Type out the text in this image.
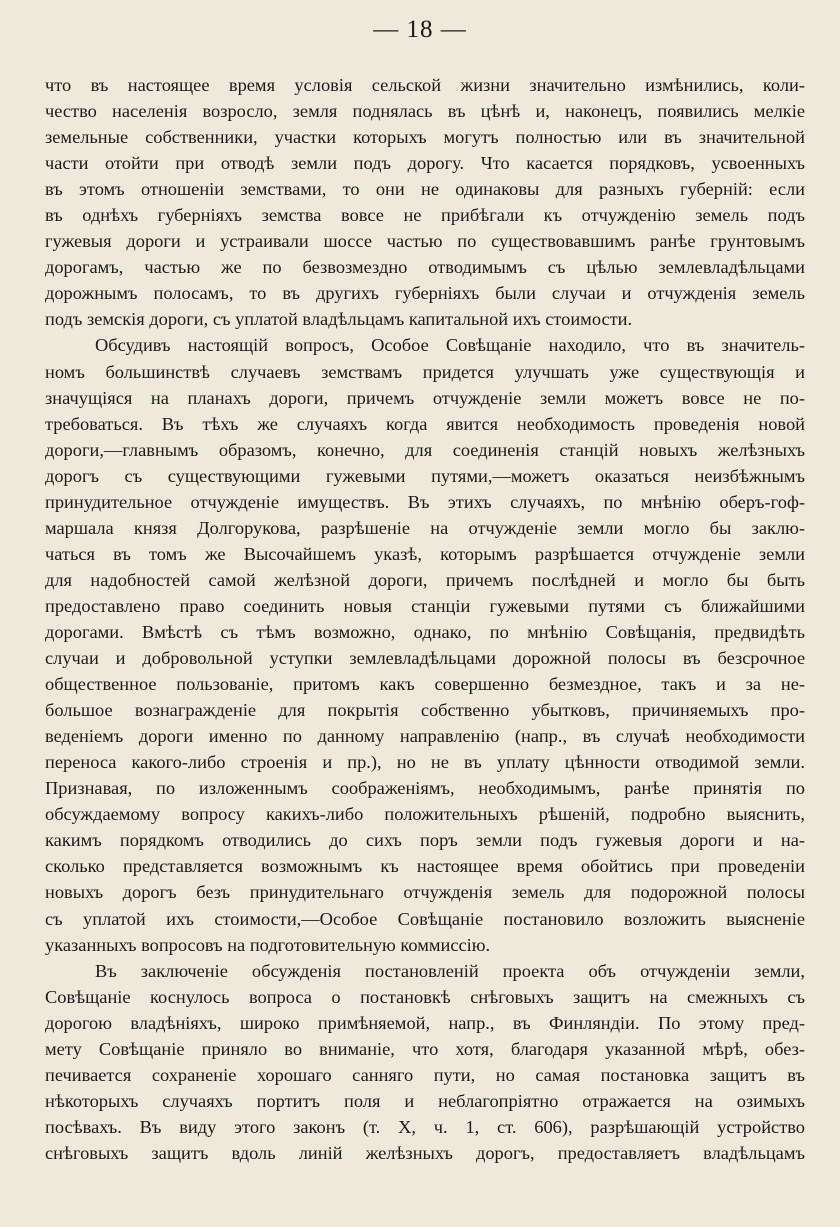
— 18 —
что въ настоящее время условія сельской жизни значительно измѣнились, коли-
чество населенія возросло, земля поднялась въ цѣнѣ и, наконецъ, появились мелкіе
земельные собственники, участки которыхъ могутъ полностью или въ значительной
части отойти при отводѣ земли подъ дорогу. Что касается порядковъ, усвоенныхъ
въ этомъ отношеніи земствами, то они не одинаковы для разныхъ губерній: если
въ однѣхъ губерніяхъ земства вовсе не прибѣгали къ отчужденію земель подъ
гужевыя дороги и устраивали шоссе частью по существовавшимъ ранѣе грунтовымъ
дорогамъ, частью же по безвозмездно отводимымъ съ цѣлью землевладѣльцами
дорожнымъ полосамъ, то въ другихъ губерніяхъ были случаи и отчужденія земель
подъ земскія дороги, съ уплатой владѣльцамъ капитальной ихъ стоимости.
Обсудивъ настоящій вопросъ, Особое Совѣщаніе находило, что въ значитель-
номъ большинствѣ случаевъ земствамъ придется улучшать уже существующія и
значущіяся на планахъ дороги, причемъ отчужденіе земли можетъ вовсе не по-
требоваться. Въ тѣхъ же случаяхъ когда явится необходимость проведенія новой
дороги,—главнымъ образомъ, конечно, для соединенія станцій новыхъ желѣзныхъ
дорогъ съ существующими гужевыми путями,—можетъ оказаться неизбѣжнымъ
принудительное отчужденіе имуществъ. Въ этихъ случаяхъ, по мнѣнію оберъ-гоф-
маршала князя Долгорукова, разрѣшеніе на отчужденіе земли могло бы заклю-
чаться въ томъ же Высочайшемъ указѣ, которымъ разрѣшается отчужденіе земли
для надобностей самой желѣзной дороги, причемъ послѣдней и могло бы быть
предоставлено право соединить новыя станціи гужевыми путями съ ближайшими
дорогами. Вмѣстѣ съ тѣмъ возможно, однако, по мнѣнію Совѣщанія, предвидѣть
случаи и добровольной уступки землевладѣльцами дорожной полосы въ безсрочное
общественное пользованіе, притомъ какъ совершенно безмездное, такъ и за не-
большое вознагражденіе для покрытія собственно убытковъ, причиняемыхъ про-
веденіемъ дороги именно по данному направленію (напр., въ случаѣ необходимости
переноса какого-либо строенія и пр.), но не въ уплату цѣнности отводимой земли.
Признавая, по изложеннымъ соображеніямъ, необходимымъ, ранѣе принятія по
обсуждаемому вопросу какихъ-либо положительныхъ рѣшеній, подробно выяснить,
какимъ порядкомъ отводились до сихъ поръ земли подъ гужевыя дороги и на-
сколько представляется возможнымъ къ настоящее время обойтись при проведеніи
новыхъ дорогъ безъ принудительнаго отчужденія земель для подорожной полосы
съ уплатой ихъ стоимости,—Особое Совѣщаніе постановило возложить выясненіе
указанныхъ вопросовъ на подготовительную коммиссію.
Въ заключеніе обсужденія постановленій проекта объ отчужденіи земли,
Совѣщаніе коснулось вопроса о постановкѣ снѣговыхъ защитъ на смежныхъ съ
дорогою владѣніяхъ, широко примѣняемой, напр., въ Финляндіи. По этому пред-
мету Совѣщаніе приняло во вниманіе, что хотя, благодаря указанной мѣрѣ, обез-
печивается сохраненіе хорошаго санняго пути, но самая постановка защитъ въ
нѣкоторыхъ случаяхъ портитъ поля и неблагопріятно отражается на озимыхъ
посѣвахъ. Въ виду этого законъ (т. X, ч. 1, ст. 606), разрѣшающій устройство
снѣговыхъ защитъ вдоль линій желѣзныхъ дорогъ, предоставляетъ владѣльцамъ
